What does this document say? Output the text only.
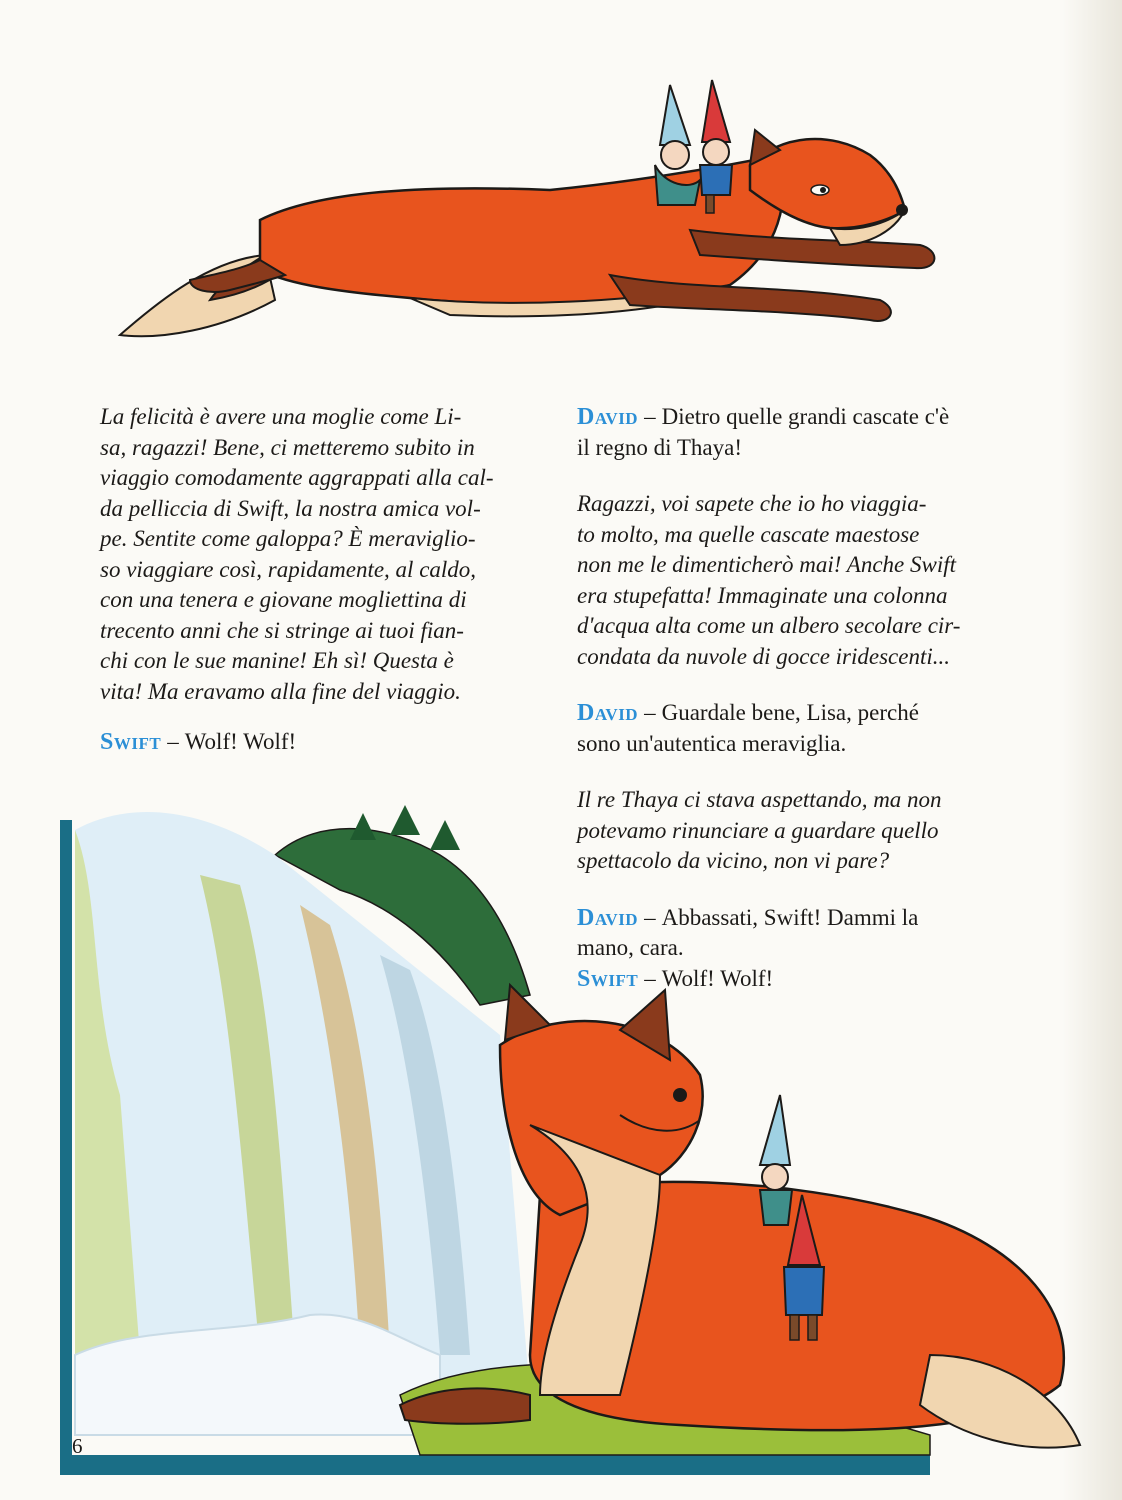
La felicità è avere una moglie come Li-
sa, ragazzi! Bene, ci metteremo subito in
viaggio comodamente aggrappati alla cal-
da pelliccia di Swift, la nostra amica vol-
pe. Sentite come galoppa? È meraviglio-
so viaggiare così, rapidamente, al caldo,
con una tenera e giovane mogliettina di
trecento anni che si stringe ai tuoi fian-
chi con le sue manine! Eh sì! Questa è
vita! Ma eravamo alla fine del viaggio.
Swift – Wolf! Wolf!
David – Dietro quelle grandi cascate c'è
il regno di Thaya!
Ragazzi, voi sapete che io ho viaggia-
to molto, ma quelle cascate maestose
non me le dimenticherò mai! Anche Swift
era stupefatta! Immaginate una colonna
d'acqua alta come un albero secolare cir-
condata da nuvole di gocce iridescenti...
David – Guardale bene, Lisa, perché
sono un'autentica meraviglia.
Il re Thaya ci stava aspettando, ma non
potevamo rinunciare a guardare quello
spettacolo da vicino, non vi pare?
David – Abbassati, Swift! Dammi la
mano, cara.
Swift – Wolf! Wolf!
6
